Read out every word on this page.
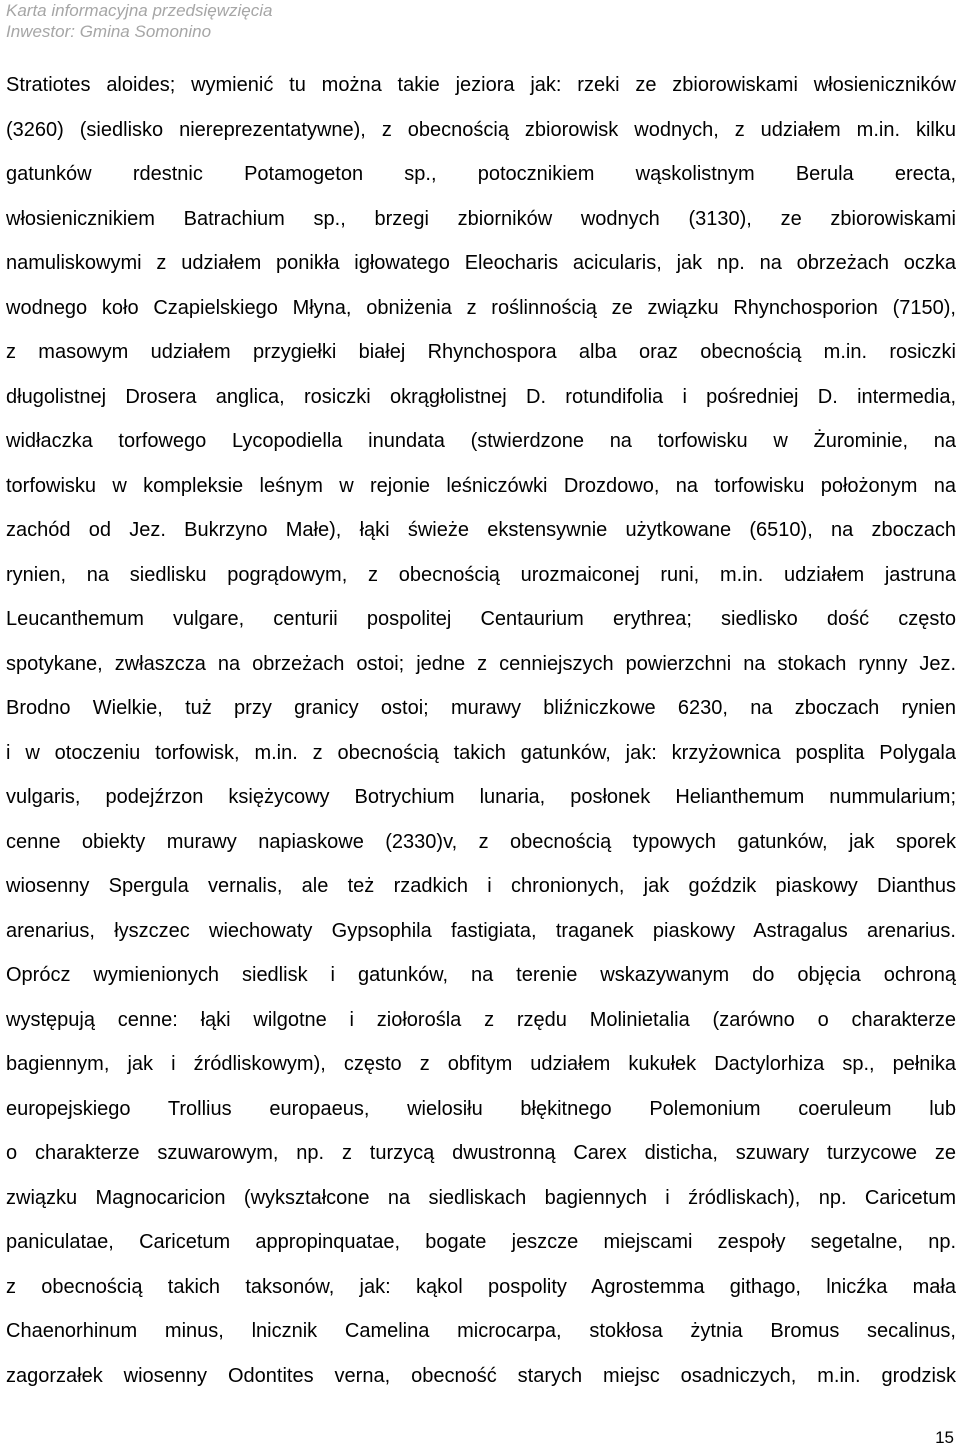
Karta informacyjna przedsięwzięcia
Inwestor: Gmina Somonino
Stratiotes aloides; wymienić tu można takie jeziora jak: rzeki ze zbiorowiskami włosieniczników
(3260) (siedlisko niereprezentatywne), z obecnością zbiorowisk wodnych, z udziałem m.in. kilku
gatunków rdestnic Potamogeton sp., potocznikiem wąskolistnym Berula erecta,
włosienicznikiem Batrachium sp., brzegi zbiorników wodnych (3130), ze zbiorowiskami
namuliskowymi z udziałem ponikła igłowatego Eleocharis acicularis, jak np. na obrzeżach oczka
wodnego koło Czapielskiego Młyna, obniżenia z roślinnością ze związku Rhynchosporion (7150),
z masowym udziałem przygiełki białej Rhynchospora alba oraz obecnością m.in. rosiczki
długolistnej Drosera anglica, rosiczki okrągłolistnej D. rotundifolia i pośredniej D. intermedia,
widłaczka torfowego Lycopodiella inundata (stwierdzone na torfowisku w Żurominie, na
torfowisku w kompleksie leśnym w rejonie leśniczówki Drozdowo, na torfowisku położonym na
zachód od Jez. Bukrzyno Małe), łąki świeże ekstensywnie użytkowane (6510), na zboczach
rynien, na siedlisku pogrądowym, z obecnością urozmaiconej runi, m.in. udziałem jastruna
Leucanthemum vulgare, centurii pospolitej Centaurium erythrea; siedlisko dość często
spotykane, zwłaszcza na obrzeżach ostoi; jedne z cenniejszych powierzchni na stokach rynny Jez.
Brodno Wielkie, tuż przy granicy ostoi; murawy bliźniczkowe 6230, na zboczach rynien
i w otoczeniu torfowisk, m.in. z obecnością takich gatunków, jak: krzyżownica posplita Polygala
vulgaris, podejźrzon księżycowy Botrychium lunaria, posłonek Helianthemum nummularium;
cenne obiekty murawy napiaskowe (2330)v, z obecnością typowych gatunków, jak sporek
wiosenny Spergula vernalis, ale też rzadkich i chronionych, jak goździk piaskowy Dianthus
arenarius, łyszczec wiechowaty Gypsophila fastigiata, traganek piaskowy Astragalus arenarius.
Oprócz wymienionych siedlisk i gatunków, na terenie wskazywanym do objęcia ochroną
występują cenne: łąki wilgotne i ziołorośla z rzędu Molinietalia (zarówno o charakterze
bagiennym, jak i źródliskowym), często z obfitym udziałem kukułek Dactylorhiza sp., pełnika
europejskiego Trollius europaeus, wielosiłu błękitnego Polemonium coeruleum lub
o charakterze szuwarowym, np. z turzycą dwustronną Carex disticha, szuwary turzycowe ze
związku Magnocaricion (wykształcone na siedliskach bagiennych i źródliskach), np. Caricetum
paniculatae, Caricetum appropinquatae, bogate jeszcze miejscami zespoły segetalne, np.
z obecnością takich taksonów, jak: kąkol pospolity Agrostemma githago, lnicźka mała
Chaenorhinum minus, lnicznik Camelina microcarpa, stokłosa żytnia Bromus secalinus,
zagorzałek wiosenny Odontites verna, obecność starych miejsc osadniczych, m.in. grodzisk
15
